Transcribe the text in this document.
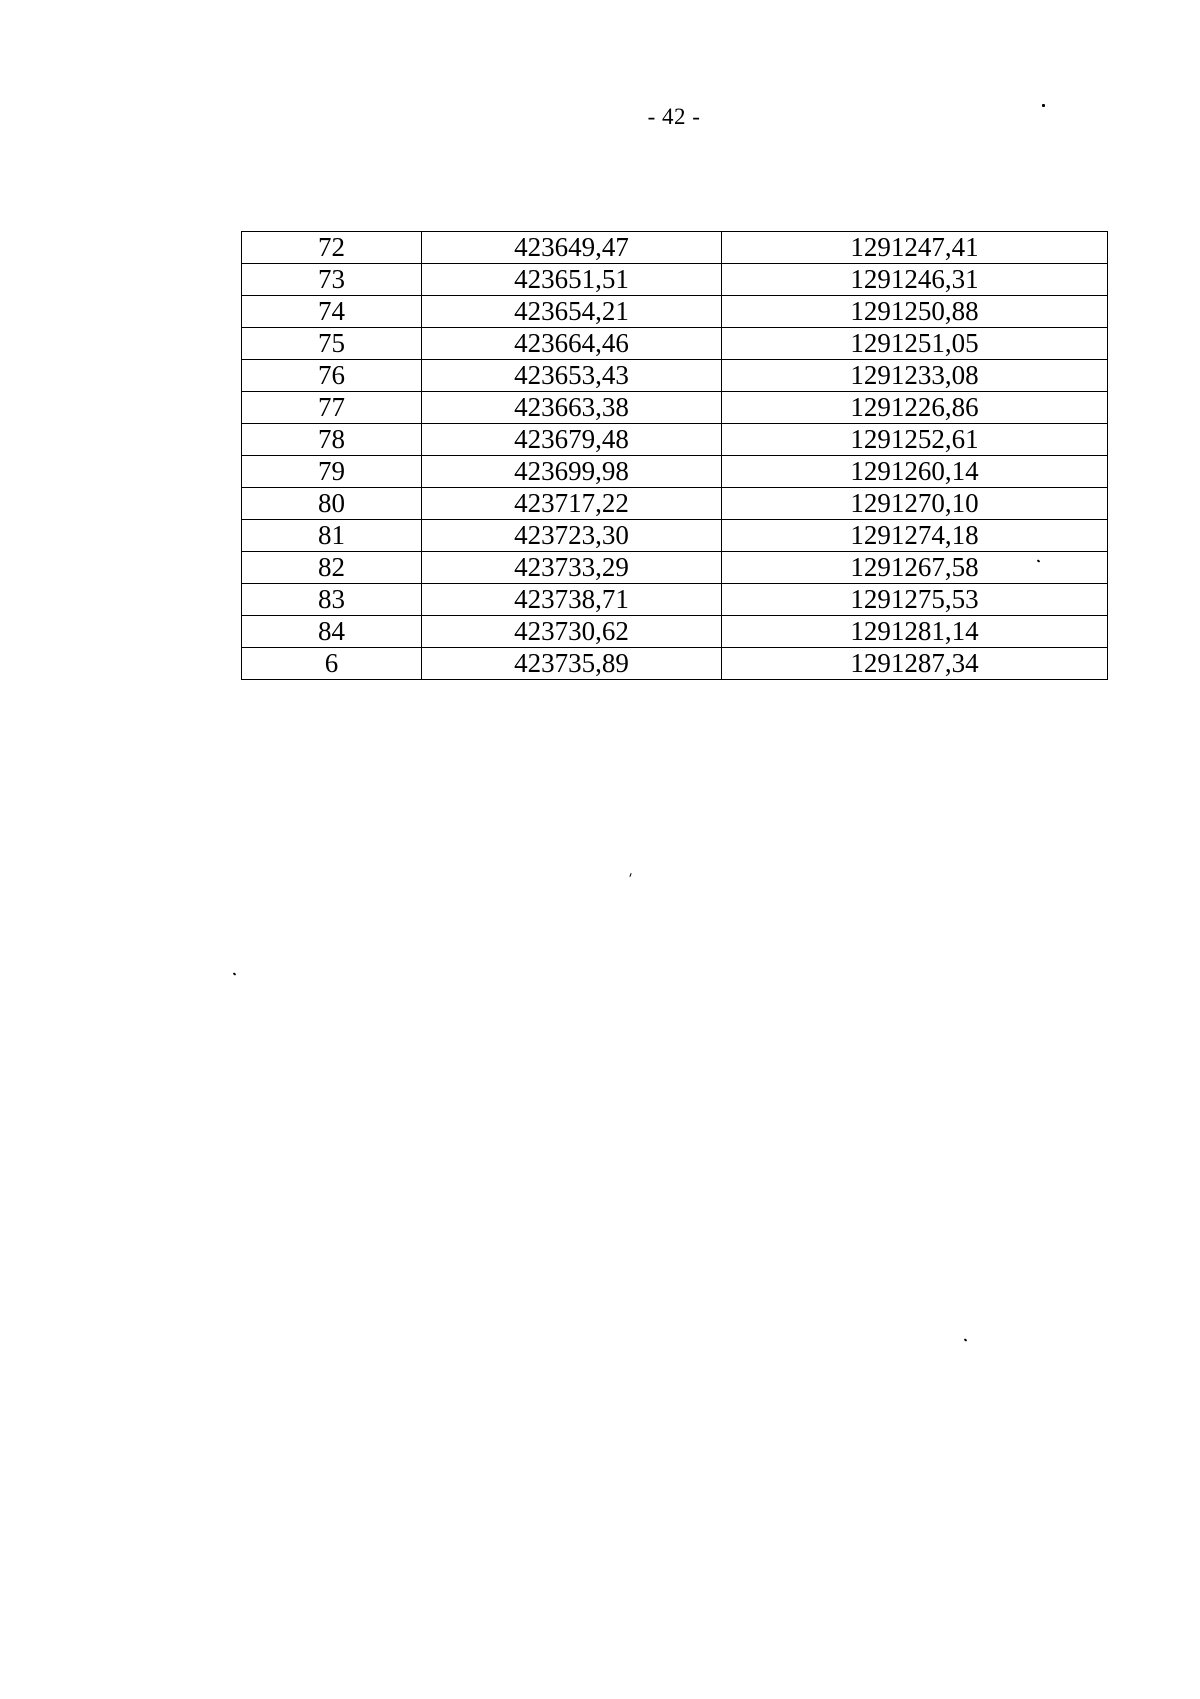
- 42 -
72	423649,47	1291247,41
73	423651,51	1291246,31
74	423654,21	1291250,88
75	423664,46	1291251,05
76	423653,43	1291233,08
77	423663,38	1291226,86
78	423679,48	1291252,61
79	423699,98	1291260,14
80	423717,22	1291270,10
81	423723,30	1291274,18
82	423733,29	1291267,58
83	423738,71	1291275,53
84	423730,62	1291281,14
6	423735,89	1291287,34
